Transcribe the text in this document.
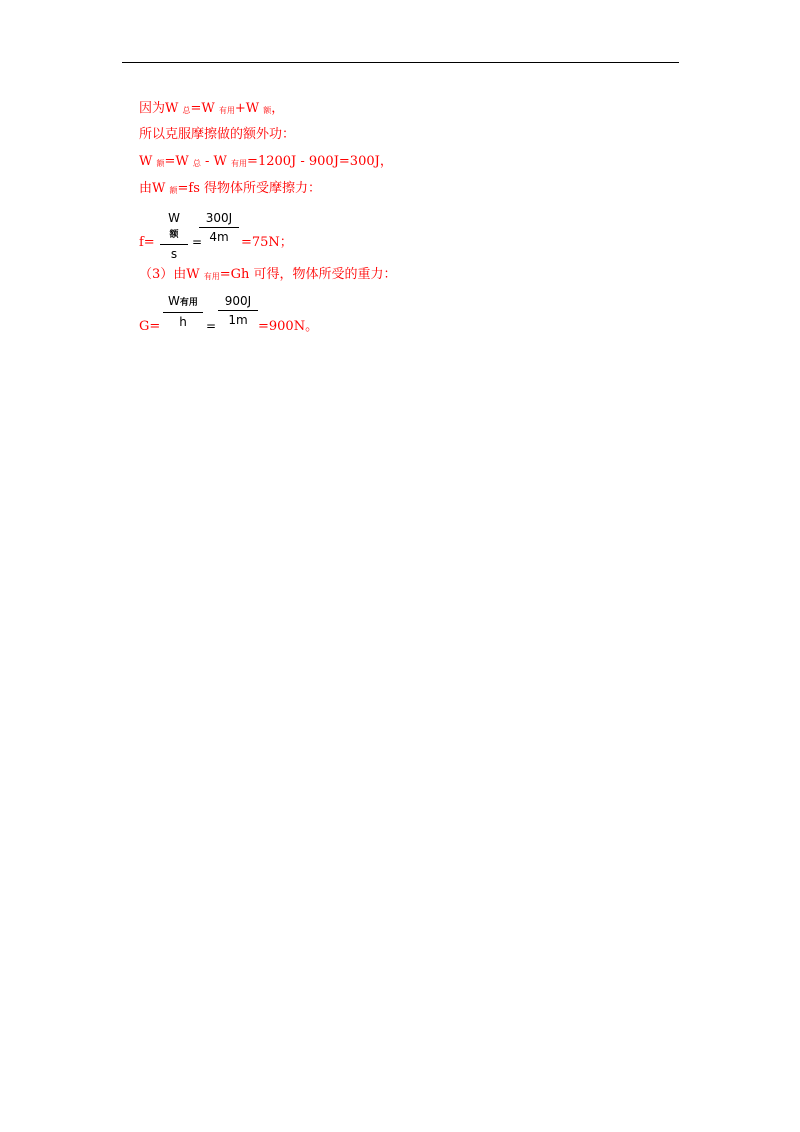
因为W 总=W 有用+W 额，
所以克服摩擦做的额外功：
W 额=W 总 - W 有用=1200J - 900J=300J，
由W 额=fs 得物体所受摩擦力：
f=
W额
s
=
$\frac{300J}{4m} =75N$；
（3）由W 有用=Gh 可得，物体所受的重力：
G=
W有用
h	= $\frac{900J}{1m} =900N$。
